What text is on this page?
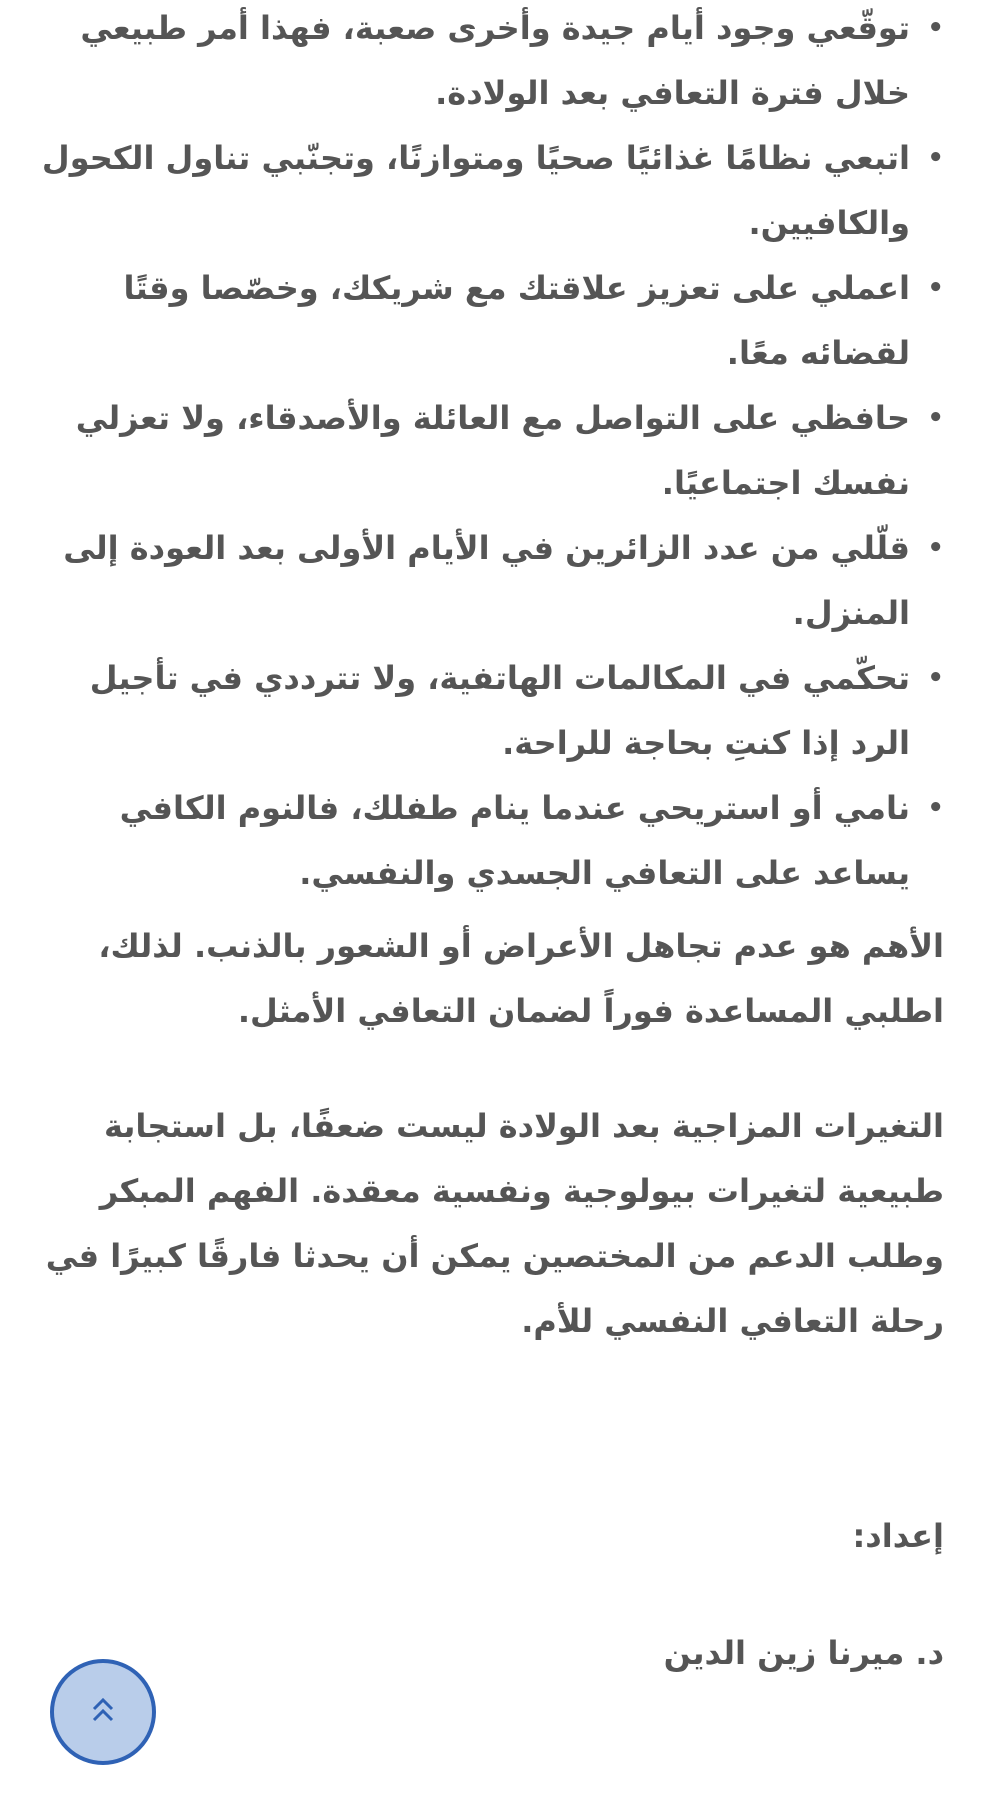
• توقّعي وجود أيام جيدة وأخرى صعبة، فهذا أمر طبيعي خلال فترة التعافي بعد الولادة.
• اتبعي نظامًا غذائيًا صحيًا ومتوازنًا، وتجنّبي تناول الكحول والكافيين.
• اعملي على تعزيز علاقتك مع شريكك، وخصّصا وقتًا لقضائه معًا.
• حافظي على التواصل مع العائلة والأصدقاء، ولا تعزلي نفسك اجتماعيًا.
• قلّلي من عدد الزائرين في الأيام الأولى بعد العودة إلى المنزل.
• تحكّمي في المكالمات الهاتفية، ولا تترددي في تأجيل الرد إذا كنتِ بحاجة للراحة.
• نامي أو استريحي عندما ينام طفلك، فالنوم الكافي يساعد على التعافي الجسدي والنفسي.

الأهم هو عدم تجاهل الأعراض أو الشعور بالذنب. لذلك، اطلبي المساعدة فوراً لضمان التعافي الأمثل.

التغيرات المزاجية بعد الولادة ليست ضعفًا، بل استجابة طبيعية لتغيرات بيولوجية ونفسية معقدة. الفهم المبكر وطلب الدعم من المختصين يمكن أن يحدثا فارقًا كبيرًا في رحلة التعافي النفسي للأم.

إعداد:

د. ميرنا زين الدين
